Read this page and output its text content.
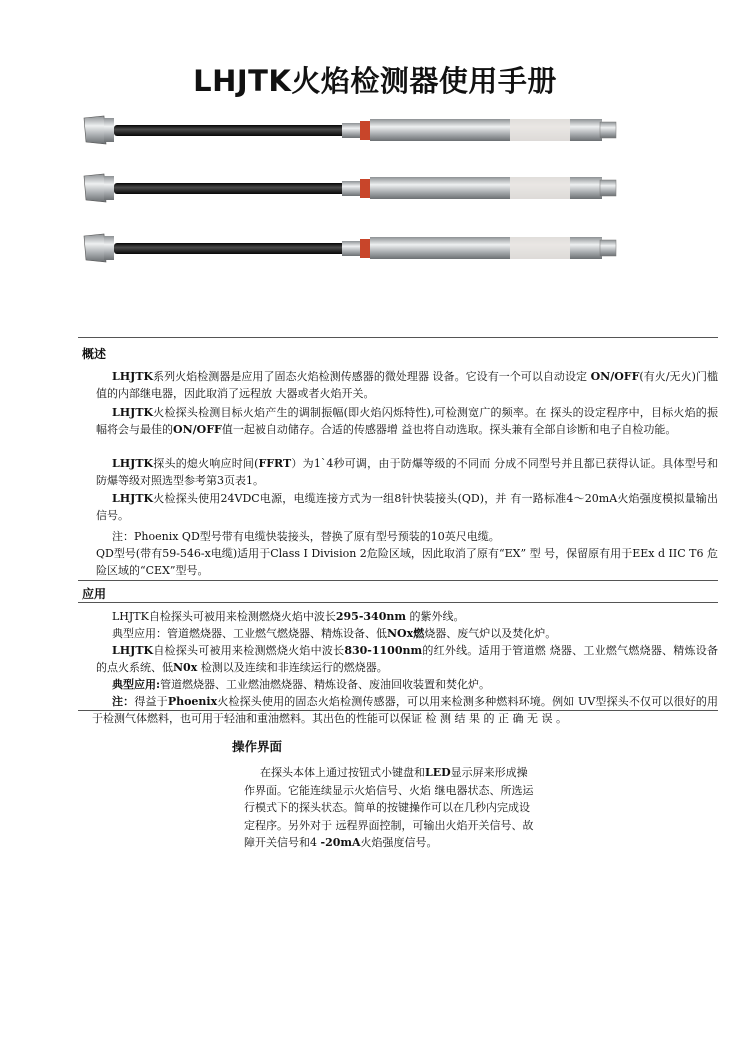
LHJTK火焰检测器使用手册
概述

LHJTK系列火焰检测器是应用了固态火焰检测传感器的微处理器 设备。它设有一个可以自动设定 ON/OFF(有火/无火)门槛值的内部继电器，因此取消了远程放 大器或者火焰开关。

LHJTK火检探头检测目标火焰产生的调制振幅(即火焰闪烁特性),可检测宽广的频率。在 探头的设定程序中，目标火焰的振幅将会与最佳的ON/OFF值一起被自动储存。合适的传感器增 益也将自动选取。探头兼有全部自诊断和电子自检功能。

LHJTK探头的熄火响应时间(FFRT）为1`4秒可调，由于防爆等级的不同而 分成不同型号并且都已获得认证。具体型号和防爆等级对照选型参考第3页表1。

LHJTK火检探头使用24VDC电源，电缆连接方式为一组8针快装接头(QD)，并 有一路标准4～20mA火焰强度模拟量输出信号。

注：Phoenix QD型号带有电缆快装接头，替换了原有型号预装的10英尺电缆。

QD型号(带有59-546-x电缆)适用于Class I Division 2危险区域，因此取消了原有“EX” 型 号，保留原有用于EEx d IIC T6 危险区域的“CEX”型号。

应用

LHJTK自检探头可被用来检测燃烧火焰中波长295-340nm 的紫外线。

典型应用：管道燃烧器、工业燃气燃烧器、精炼设备、低NOx燃烧器、废气炉以及焚化炉。

LHJTK自检探头可被用来检测燃烧火焰中波长830-1100nm的红外线。适用于管道燃 烧器、工业燃气燃烧器、精炼设备的点火系统、低N0x 检测以及连续和非连续运行的燃烧器。

典型应用:管道燃烧器、工业燃油燃烧器、精炼设备、废油回收装置和焚化炉。

注：得益于Phoenix火检探头使用的固态火焰检测传感器，可以用来检测多种燃料环境。例如 UV型探头不仅可以很好的用于检测气体燃料，也可用于轻油和重油燃料。其出色的性能可以保证 检 测 结 果 的 正 确 无 误 。

操作界面

在探头本体上通过按钮式小键盘和LED显示屏来形成操作界面。它能连续显示火焰信号、火焰 继电器状态、所选运行模式下的探头状态。简单的按键操作可以在几秒内完成设定程序。另外对于 远程界面控制，可输出火焰开关信号、故障开关信号和4 -20mA火焰强度信号。
